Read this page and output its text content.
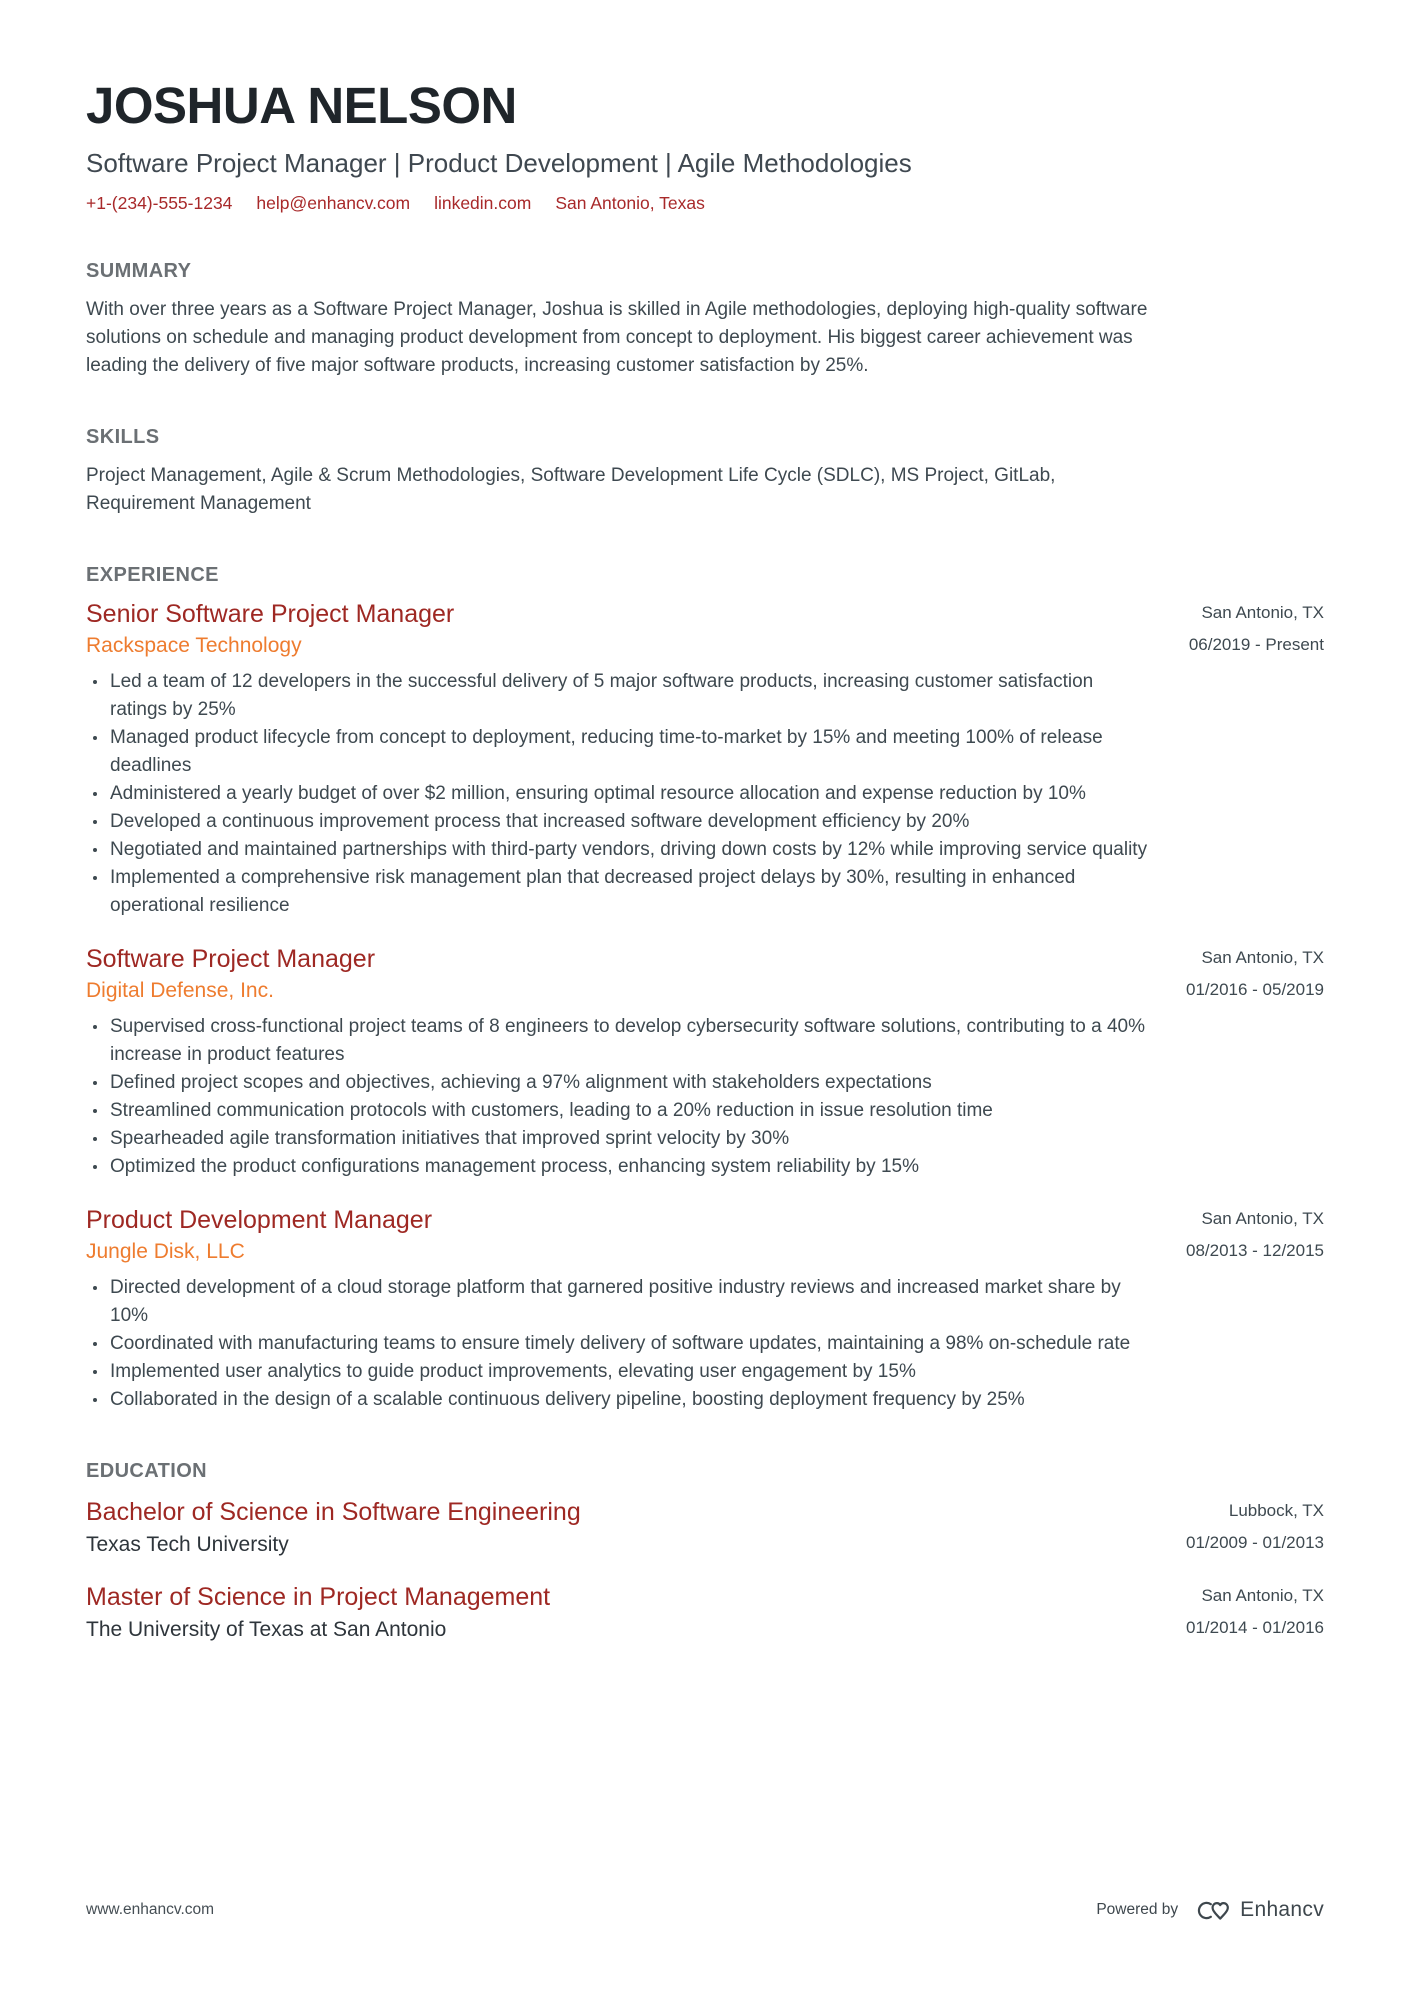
JOSHUA NELSON
Software Project Manager | Product Development | Agile Methodologies
+1-(234)-555-1234 help@enhancv.com linkedin.com San Antonio, Texas
SUMMARY
With over three years as a Software Project Manager, Joshua is skilled in Agile methodologies, deploying high-quality software solutions on schedule and managing product development from concept to deployment. His biggest career achievement was leading the delivery of five major software products, increasing customer satisfaction by 25%.
SKILLS
Project Management, Agile & Scrum Methodologies, Software Development Life Cycle (SDLC), MS Project, GitLab, Requirement Management
EXPERIENCE
Senior Software Project Manager
Rackspace Technology
San Antonio, TX
06/2019 - Present
Led a team of 12 developers in the successful delivery of 5 major software products, increasing customer satisfaction ratings by 25%
Managed product lifecycle from concept to deployment, reducing time-to-market by 15% and meeting 100% of release deadlines
Administered a yearly budget of over $2 million, ensuring optimal resource allocation and expense reduction by 10%
Developed a continuous improvement process that increased software development efficiency by 20%
Negotiated and maintained partnerships with third-party vendors, driving down costs by 12% while improving service quality
Implemented a comprehensive risk management plan that decreased project delays by 30%, resulting in enhanced operational resilience
Software Project Manager
Digital Defense, Inc.
San Antonio, TX
01/2016 - 05/2019
Supervised cross-functional project teams of 8 engineers to develop cybersecurity software solutions, contributing to a 40% increase in product features
Defined project scopes and objectives, achieving a 97% alignment with stakeholders expectations
Streamlined communication protocols with customers, leading to a 20% reduction in issue resolution time
Spearheaded agile transformation initiatives that improved sprint velocity by 30%
Optimized the product configurations management process, enhancing system reliability by 15%
Product Development Manager
Jungle Disk, LLC
San Antonio, TX
08/2013 - 12/2015
Directed development of a cloud storage platform that garnered positive industry reviews and increased market share by 10%
Coordinated with manufacturing teams to ensure timely delivery of software updates, maintaining a 98% on-schedule rate
Implemented user analytics to guide product improvements, elevating user engagement by 15%
Collaborated in the design of a scalable continuous delivery pipeline, boosting deployment frequency by 25%
EDUCATION
Bachelor of Science in Software Engineering
Texas Tech University
Lubbock, TX
01/2009 - 01/2013
Master of Science in Project Management
The University of Texas at San Antonio
San Antonio, TX
01/2014 - 01/2016
www.enhancv.com	Powered by	Enhancv
